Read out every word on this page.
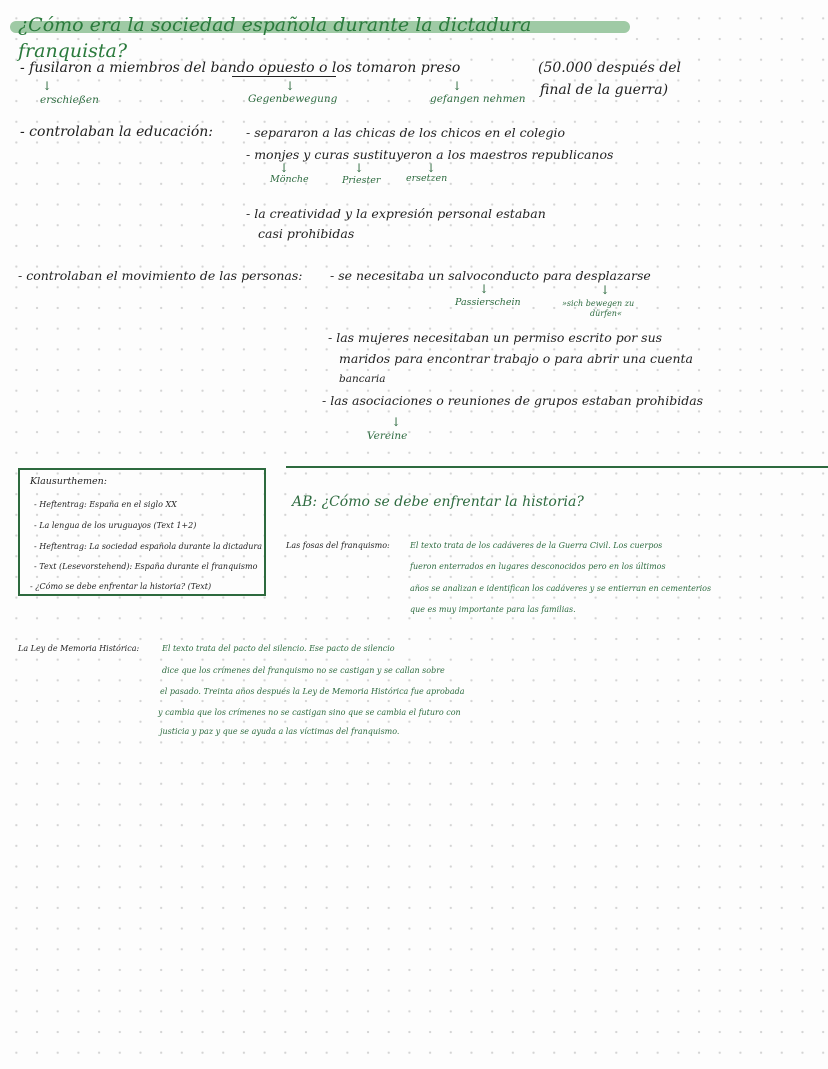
¿Cómo era la sociedad española durante la dictadura franquista?
- fusilaron a miembros del bando opuesto o los tomaron preso	(50.000 después del
final de la guerra)
↓
erschießen
↓
Gegenbewegung
↓
gefangen nehmen
- controlaban la educación:	- separaron a las chicas de los chicos en el colegio
- monjes y curas sustituyeron a los maestros republicanos
↓
Mönche
↓
Priester
↓
ersetzen
- la creatividad y la expresión personal estaban
casi prohibidas
- controlaban el movimiento de las personas: - se necesitaba un salvoconducto para desplazarse
↓
Passierschein
↓
»sich bewegen zu
dürfen«
- las mujeres necesitaban un permiso escrito por sus
maridos para encontrar trabajo o para abrir una cuenta
bancaria
- las asociaciones o reuniones de grupos estaban prohibidas
↓
Vereine
Klausurthemen:
- Heftentrag: España en el siglo XX
- La lengua de los uruguayos (Text 1+2)
- Heftentrag: La sociedad española durante la dictadura
- Text (Lesevorstehend): España durante el franquismo
- ¿Cómo se debe enfrentar la historia? (Text)
AB: ¿Cómo se debe enfrentar la historia?
Las fosas del franquismo:	El texto trata de los cadáveres de la Guerra Civil. Los cuerpos
fueron enterrados en lugares desconocidos pero en los últimos
años se analizan e identifican los cadáveres y se entierran en cementerios
que es muy importante para las familias.
La Ley de Memoria Histórica:	El texto trata del pacto del silencio. Ese pacto de silencio
dice que los crímenes del franquismo no se castigan y se callan sobre
el pasado. Treinta años después la Ley de Memoria Histórica fue aprobada
y cambia que los crímenes no se castigan sino que se cambia el futuro con
justicia y paz y que se ayuda a las víctimas del franquismo.
